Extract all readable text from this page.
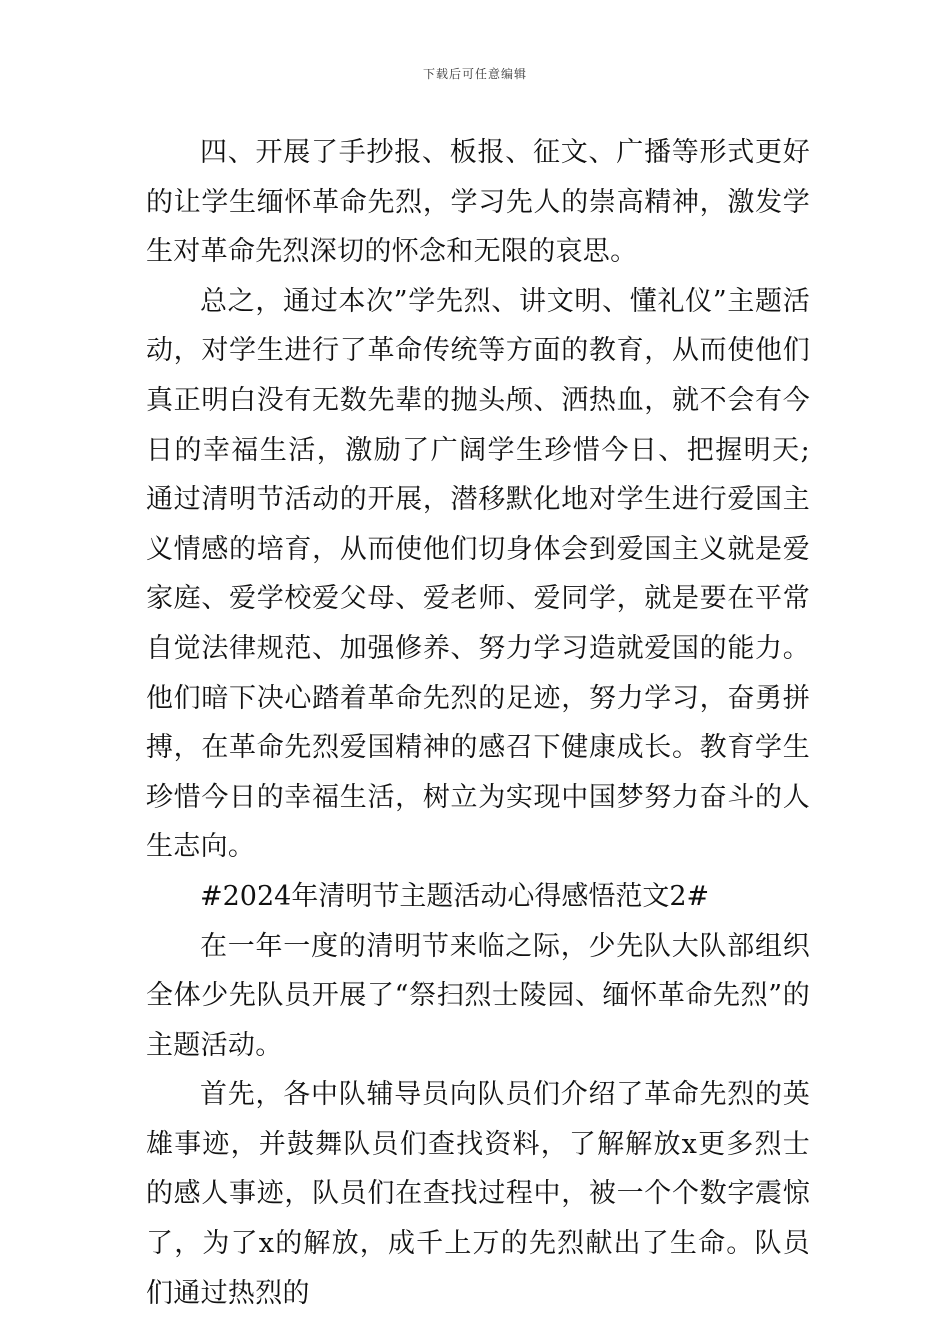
下载后可任意编辑

四、开展了手抄报、板报、征文、广播等形式更好的让学生缅怀革命先烈，学习先人的崇高精神，激发学生对革命先烈深切的怀念和无限的哀思。

总之，通过本次”学先烈、讲文明、懂礼仪”主题活动，对学生进行了革命传统等方面的教育，从而使他们真正明白没有无数先辈的抛头颅、洒热血，就不会有今日的幸福生活，激励了广阔学生珍惜今日、把握明天;通过清明节活动的开展，潜移默化地对学生进行爱国主义情感的培育，从而使他们切身体会到爱国主义就是爱家庭、爱学校爱父母、爱老师、爱同学，就是要在平常自觉法律规范、加强修养、努力学习造就爱国的能力。他们暗下决心踏着革命先烈的足迹，努力学习，奋勇拼搏，在革命先烈爱国精神的感召下健康成长。教育学生珍惜今日的幸福生活，树立为实现中国梦努力奋斗的人生志向。

#2024年清明节主题活动心得感悟范文2#

在一年一度的清明节来临之际，少先队大队部组织全体少先队员开展了“祭扫烈士陵园、缅怀革命先烈”的主题活动。

首先，各中队辅导员向队员们介绍了革命先烈的英雄事迹，并鼓舞队员们查找资料，了解解放x更多烈士的感人事迹，队员们在查找过程中，被一个个数字震惊了，为了x的解放，成千上万的先烈献出了生命。队员们通过热烈的
